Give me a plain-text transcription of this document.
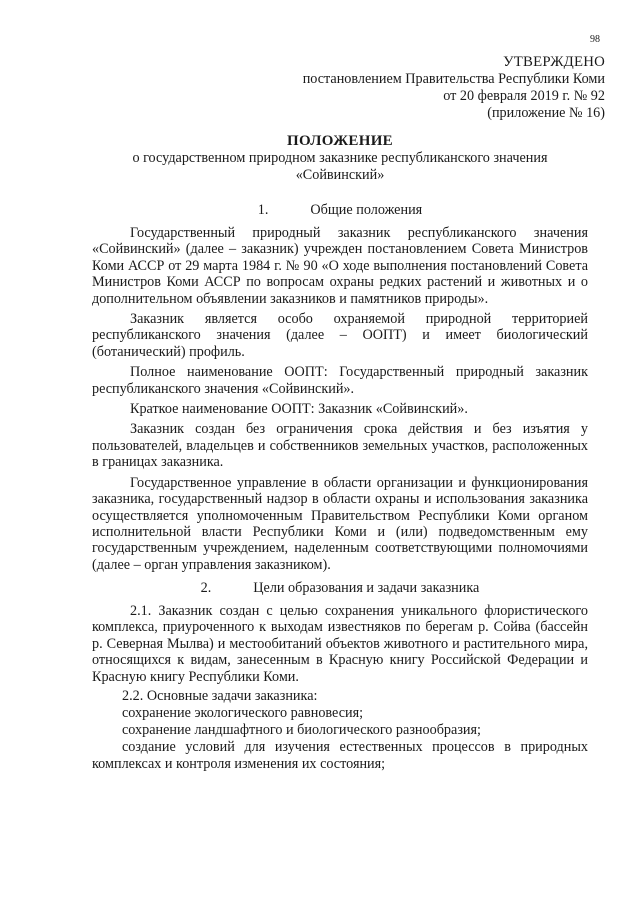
98
УТВЕРЖДЕНО
постановлением Правительства Республики Коми
от 20 февраля 2019 г. № 92
(приложение № 16)
ПОЛОЖЕНИЕ
о государственном природном заказнике республиканского значения
«Сойвинский»
1.	Общие положения

Государственный природный заказник республиканского значения «Сойвинский» (далее – заказник) учрежден постановлением Совета Министров Коми АССР от 29 марта 1984 г. № 90 «О ходе выполнения постановлений Совета Министров Коми АССР по вопросам охраны редких растений и животных и о дополнительном объявлении заказников и памятников природы».

Заказник является особо охраняемой природной территорией республиканского значения (далее – ООПТ) и имеет биологический (ботанический) профиль.

Полное наименование ООПТ: Государственный природный заказник республиканского значения «Сойвинский».

Краткое наименование ООПТ: Заказник «Сойвинский».

Заказник создан без ограничения срока действия и без изъятия у пользователей, владельцев и собственников земельных участков, расположенных в границах заказника.

Государственное управление в области организации и функционирования заказника, государственный надзор в области охраны и использования заказника осуществляется уполномоченным Правительством Республики Коми органом исполнительной власти Республики Коми и (или) подведомственным ему государственным учреждением, наделенным соответствующими полномочиями (далее – орган управления заказником).

2.	Цели образования и задачи заказника

2.1. Заказник создан с целью сохранения уникального флористического комплекса, приуроченного к выходам известняков по берегам р. Сойва (бассейн р. Северная Мылва) и местообитаний объектов животного и растительного мира, относящихся к видам, занесенным в Красную книгу Российской Федерации и Красную книгу Республики Коми.

2.2. Основные задачи заказника:

сохранение экологического равновесия;

сохранение ландшафтного и биологического разнообразия;

создание условий для изучения естественных процессов в природных комплексах и контроля изменения их состояния;
